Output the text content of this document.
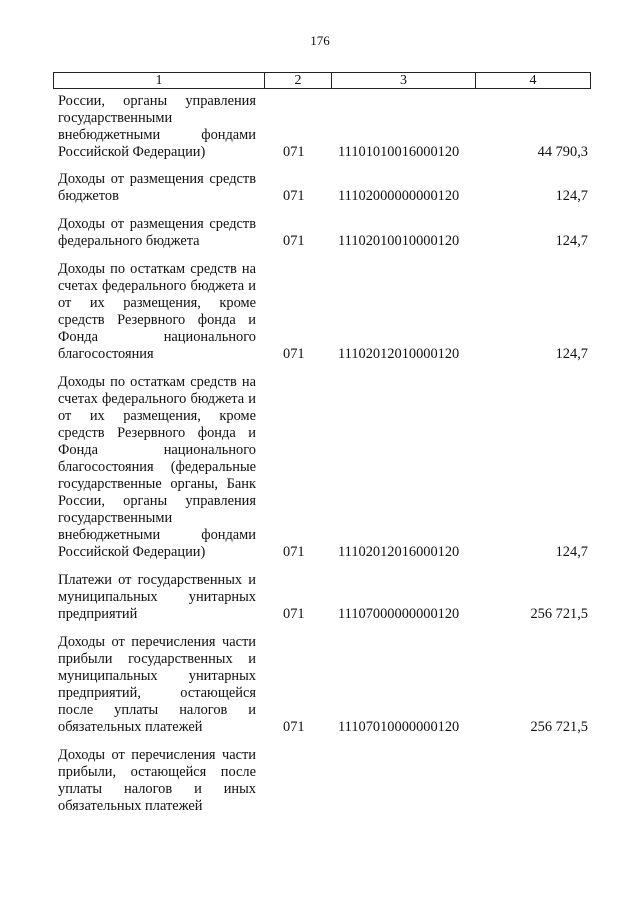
176
1	2	3	4
России, органы управления государственными внебюджетными фондами Российской Федерации)	071 11101010016000120	44 790,3
Доходы от размещения средств бюджетов	071 11102000000000120	124,7
Доходы от размещения средств федерального бюджета	071 11102010010000120	124,7
Доходы по остаткам средств на счетах федерального бюджета и от их размещения, кроме средств Резервного фонда и Фонда национального благосостояния	071 11102012010000120	124,7
Доходы по остаткам средств на счетах федерального бюджета и от их размещения, кроме средств Резервного фонда и Фонда национального благосостояния (федеральные государственные органы, Банк России, органы управления государственными внебюджетными фондами Российской Федерации)	071 11102012016000120	124,7
Платежи от государственных и муниципальных унитарных предприятий	071 11107000000000120	256 721,5
Доходы от перечисления части прибыли государственных и муниципальных унитарных предприятий, остающейся после уплаты налогов и обязательных платежей	071 11107010000000120	256 721,5
Доходы от перечисления части прибыли, остающейся после уплаты налогов и иных обязательных платежей
